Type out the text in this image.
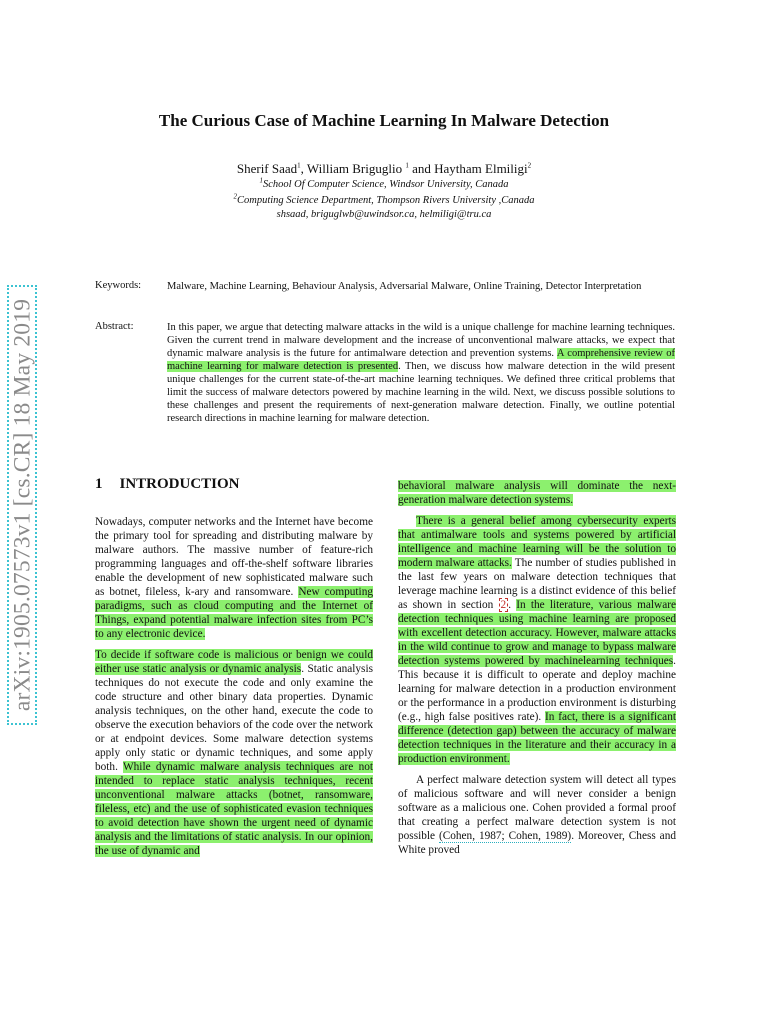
arXiv:1905.07573v1 [cs.CR] 18 May 2019
The Curious Case of Machine Learning In Malware Detection
Sherif Saad$^1$, William Briguglio $^1$ and Haytham Elmiligi$^2$
$^1$School Of Computer Science, Windsor University, Canada
$^2$Computing Science Department, Thompson Rivers University ,Canada
shsaad, briguglwb@uwindsor.ca, helmiligi@tru.ca
Keywords: Malware, Machine Learning, Behaviour Analysis, Adversarial Malware, Online Training, Detector Interpretation
Abstract:	In this paper, we argue that detecting malware attacks in the wild is a unique challenge for machine learning techniques. Given the current trend in malware development and the increase of unconventional malware attacks, we expect that dynamic malware analysis is the future for antimalware detection and prevention systems. A comprehensive review of machine learning for malware detection is presented. Then, we discuss how malware detection in the wild present unique challenges for the current state-of-the-art machine learning techniques. We defined three critical problems that limit the success of malware detectors powered by machine learning in the wild. Next, we discuss possible solutions to these challenges and present the requirements of next-generation malware detection. Finally, we outline potential research directions in machine learning for malware detection.
1 INTRODUCTION

Nowadays, computer networks and the Internet have become the primary tool for spreading and distributing malware by malware authors. The massive number of feature-rich programming languages and off-the-shelf software libraries enable the development of new sophisticated malware such as botnet, fileless, k-ary and ransomware. New computing paradigms, such as cloud computing and the Internet of Things, expand potential malware infection sites from PC’s to any electronic device.

To decide if software code is malicious or benign we could either use static analysis or dynamic analysis. Static analysis techniques do not execute the code and only examine the code structure and other binary data properties. Dynamic analysis techniques, on the other hand, execute the code to observe the execution behaviors of the code over the network or at endpoint devices. Some malware detection systems apply only static or dynamic techniques, and some apply both. While dynamic malware analysis techniques are not intended to replace static analysis techniques, recent unconventional malware attacks (botnet, ransomware, fileless, etc) and the use of sophisticated evasion techniques to avoid detection have shown the urgent need of dynamic analysis and the limitations of static analysis. In our opinion, the use of dynamic and

behavioral malware analysis will dominate the next-generation malware detection systems.

There is a general belief among cybersecurity experts that antimalware tools and systems powered by artificial intelligence and machine learning will be the solution to modern malware attacks. The number of studies published in the last few years on malware detection techniques that leverage machine learning is a distinct evidence of this belief as shown in section 2 . In the literature, various malware detection techniques using machine learning are proposed with excellent detection accuracy. However, malware attacks in the wild continue to grow and manage to bypass malware detection systems powered by machinelearning techniques. This because it is difficult to operate and deploy machine learning for malware detection in a production environment or the performance in a production environment is disturbing (e.g., high false positives rate). In fact, there is a significant difference (detection gap) between the accuracy of malware detection techniques in the literature and their accuracy in a production environment.

A perfect malware detection system will detect all types of malicious software and will never consider a benign software as a malicious one. Cohen provided a formal proof that creating a perfect malware detection system is not possible (Cohen, 1987; Cohen, 1989). Moreover, Chess and White proved
